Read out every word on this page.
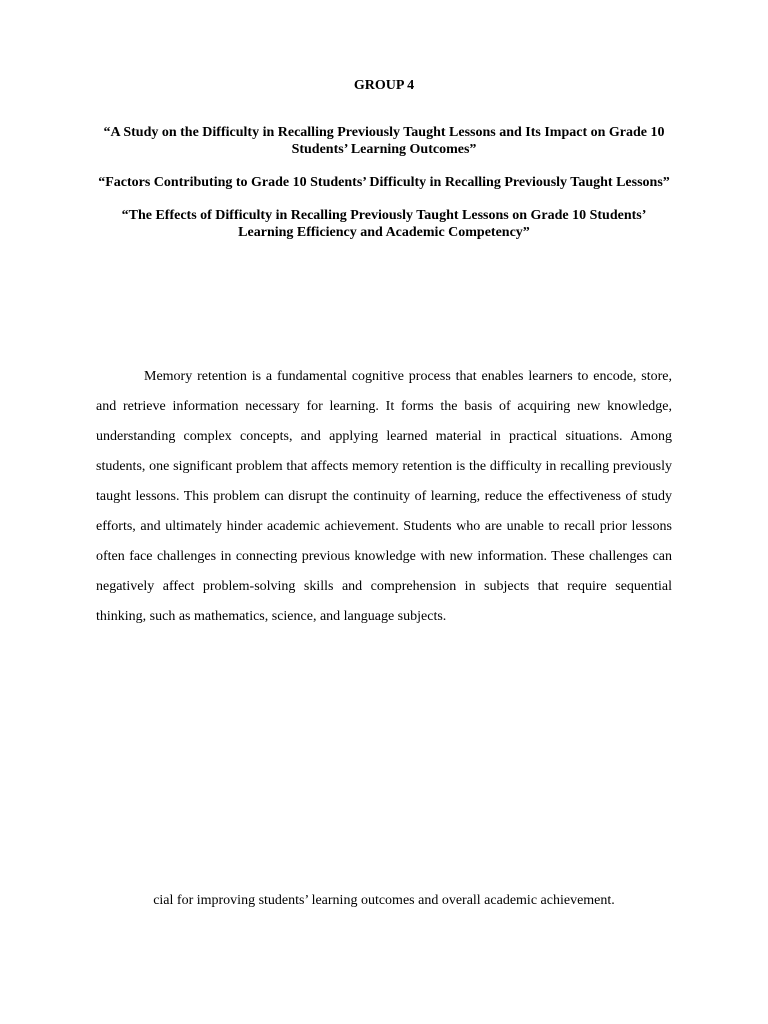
GROUP 4
“A Study on the Difficulty in Recalling Previously Taught Lessons and Its Impact on Grade 10 Students’ Learning Outcomes”
“Factors Contributing to Grade 10 Students’ Difficulty in Recalling Previously Taught Lessons”
“The Effects of Difficulty in Recalling Previously Taught Lessons on Grade 10 Students’ Learning Efficiency and Academic Competency”

Memory retention is a fundamental cognitive process that enables learners to encode, store, and retrieve information necessary for learning. It forms the basis of acquiring new knowledge, understanding complex concepts, and applying learned material in practical situations. Among students, one significant problem that affects memory retention is the difficulty in recalling previously taught lessons. This problem can disrupt the continuity of learning, reduce the effectiveness of study efforts, and ultimately hinder academic achievement. Students who are unable to recall prior lessons often face challenges in connecting previous knowledge with new information. These challenges can negatively affect problem-solving skills and comprehension in subjects that require sequential thinking, such as mathematics, science, and language subjects.

cial for improving students’ learning outcomes and overall academic achievement.
